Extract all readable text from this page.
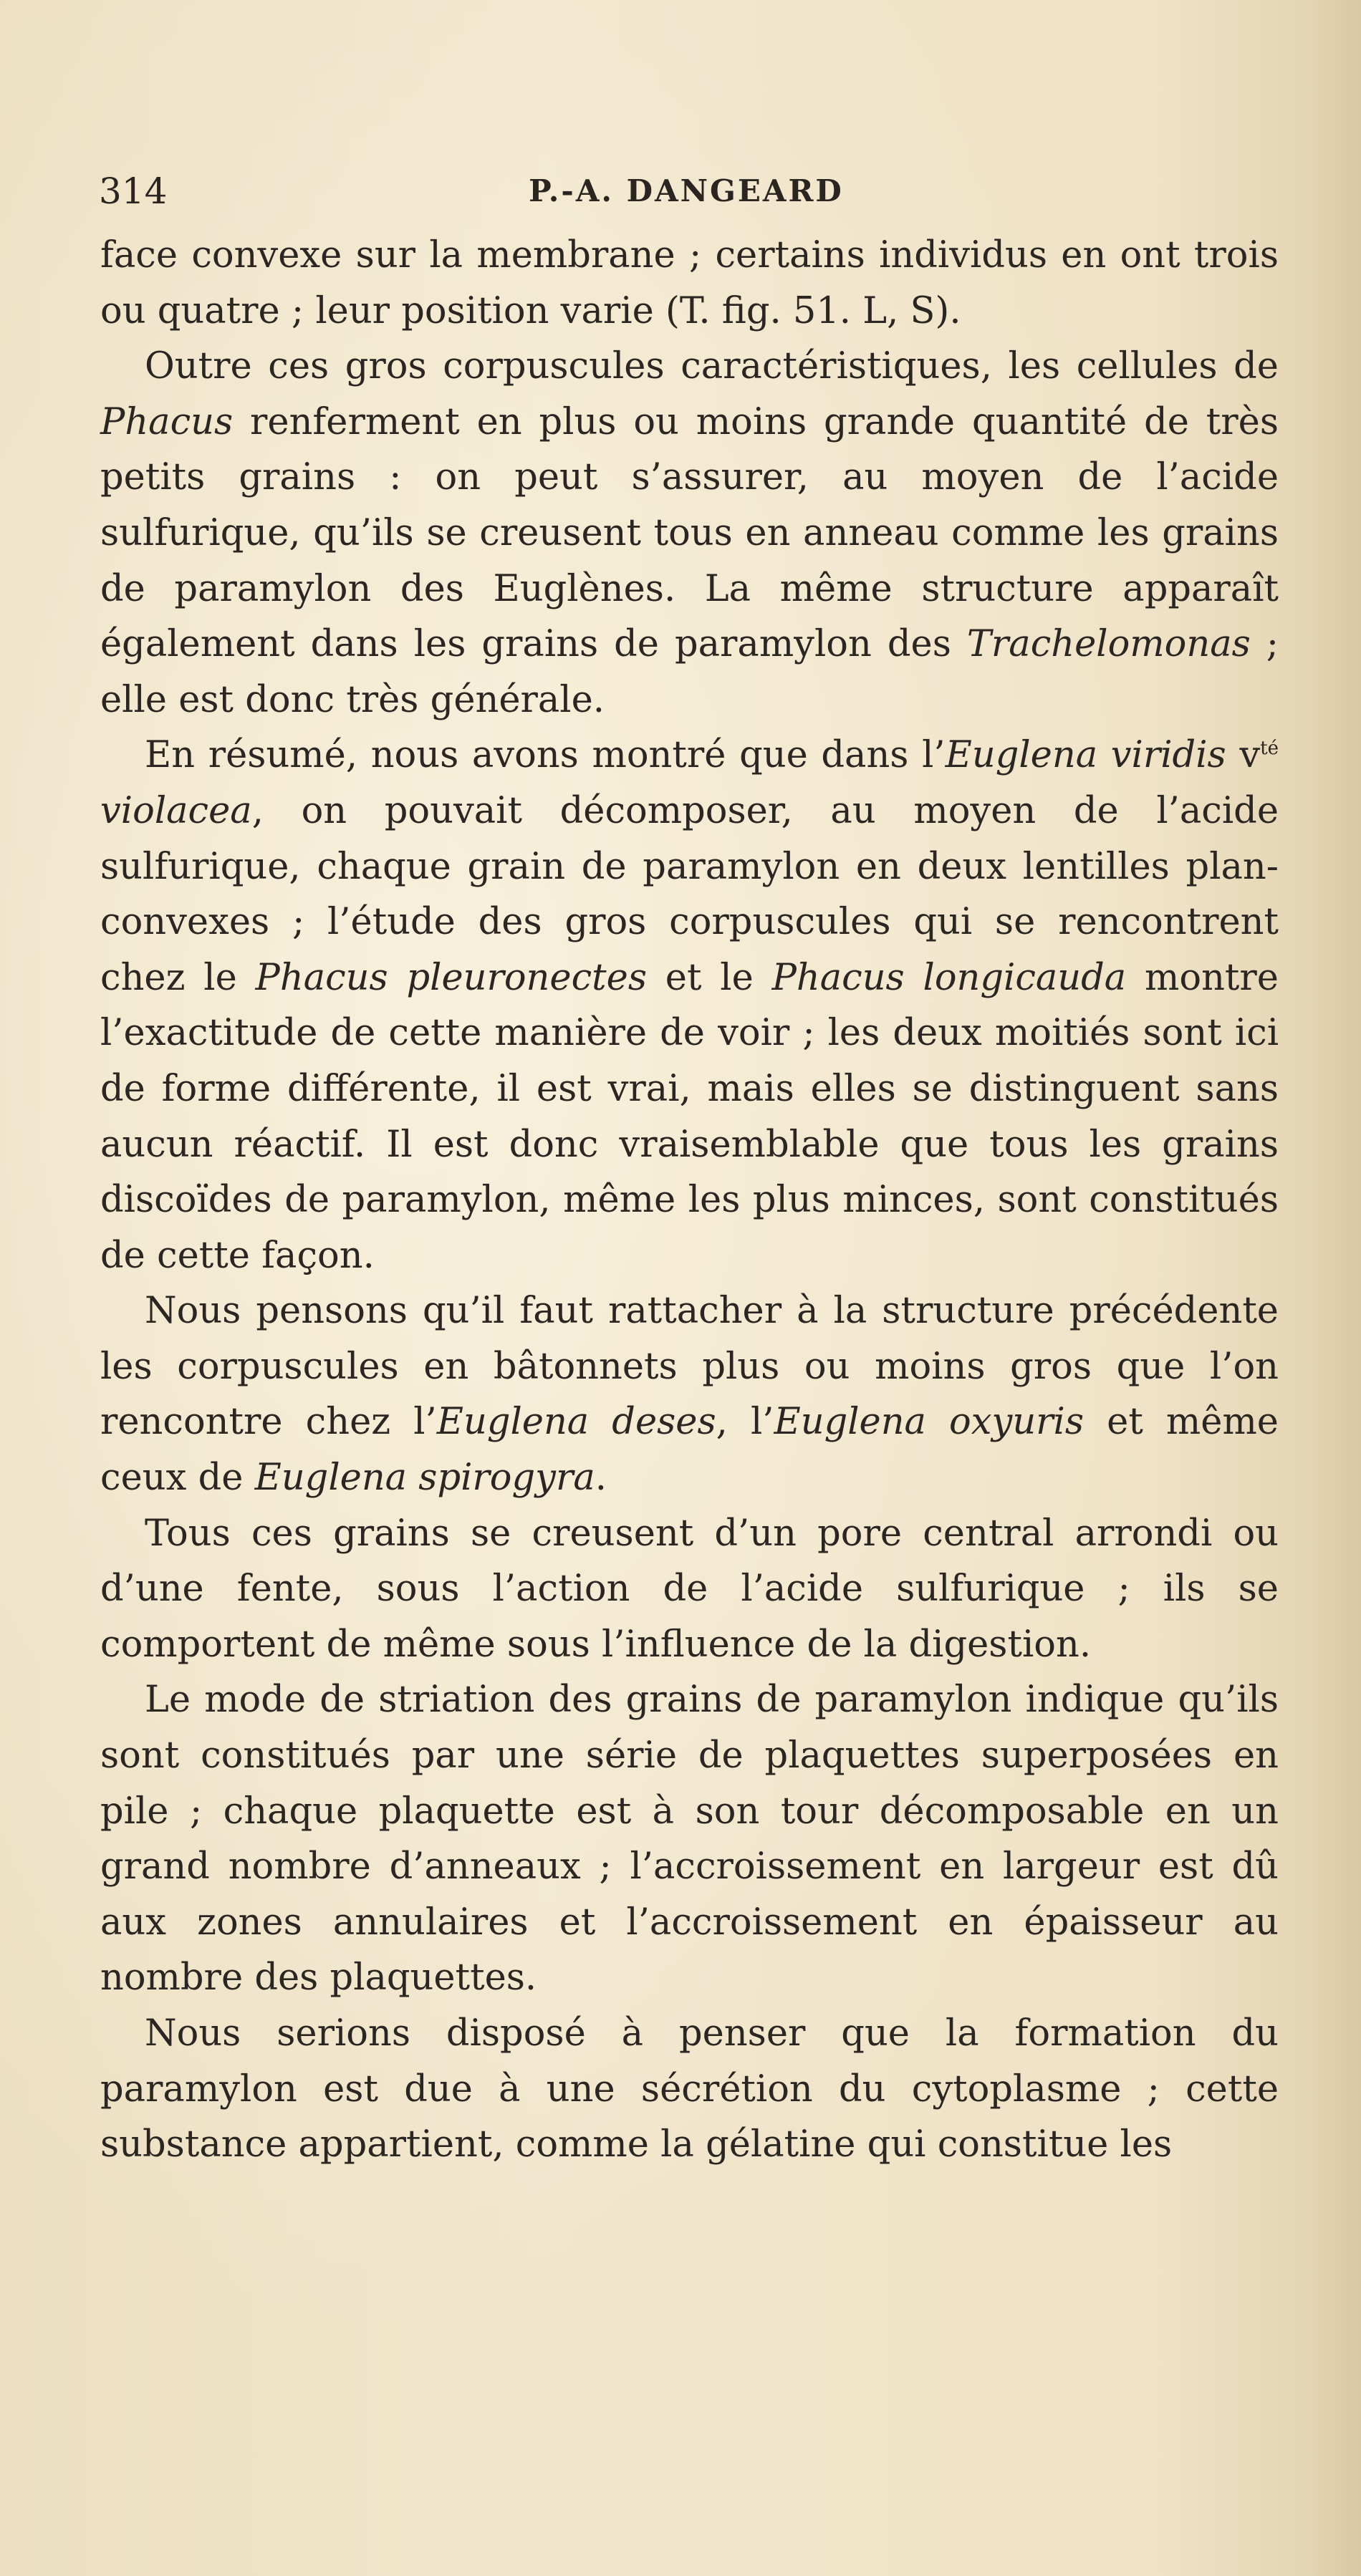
314	P.-A. DANGEARD

face convexe sur la membrane ; certains individus en ont trois ou quatre ; leur position varie (T. fig. 51. L, S).

Outre ces gros corpuscules caractéristiques, les cellules de Phacus renferment en plus ou moins grande quantité de très petits grains : on peut s’assurer, au moyen de l’acide sulfurique, qu’ils se creusent tous en anneau comme les grains de paramylon des Euglènes. La même structure apparaît également dans les grains de paramylon des Trachelomonas ; elle est donc très générale.

En résumé, nous avons montré que dans l’Euglena viridis $v^{té}$ violacea, on pouvait décomposer, au moyen de l’acide sulfurique, chaque grain de paramylon en deux lentilles plan-convexes ; l’étude des gros corpuscules qui se rencontrent chez le Phacus pleuronectes et le Phacus longicauda montre l’exactitude de cette manière de voir ; les deux moitiés sont ici de forme différente, il est vrai, mais elles se distinguent sans aucun réactif. Il est donc vraisemblable que tous les grains discoïdes de paramylon, même les plus minces, sont constitués de cette façon.

Nous pensons qu’il faut rattacher à la structure précédente les corpuscules en bâtonnets plus ou moins gros que l’on rencontre chez l’Euglena deses, l’Euglena oxyuris et même ceux de Euglena spirogyra.

Tous ces grains se creusent d’un pore central arrondi ou d’une fente, sous l’action de l’acide sulfurique ; ils se comportent de même sous l’influence de la digestion.

Le mode de striation des grains de paramylon indique qu’ils sont constitués par une série de plaquettes superposées en pile ; chaque plaquette est à son tour décomposable en un grand nombre d’anneaux ; l’accroissement en largeur est dû aux zones annulaires et l’accroissement en épaisseur au nombre des plaquettes.

Nous serions disposé à penser que la formation du paramylon est due à une sécrétion du cytoplasme ; cette substance appartient, comme la gélatine qui constitue les
